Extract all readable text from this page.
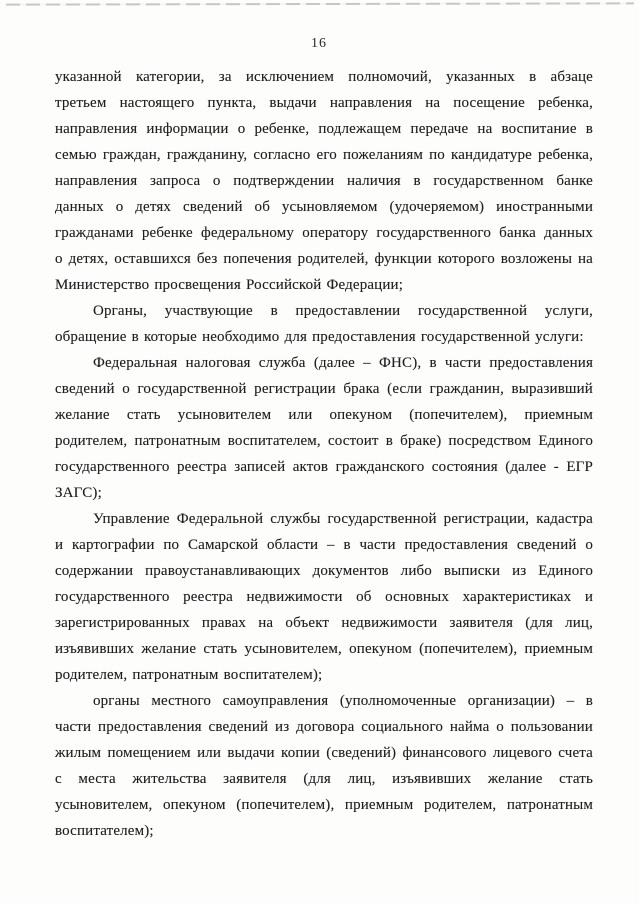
16
указанной категории, за исключением полномочий, указанных в абзаце
третьем настоящего пункта, выдачи направления на посещение ребенка,
направления информации о ребенке, подлежащем передаче на воспитание в
семью граждан, гражданину, согласно его пожеланиям по кандидатуре ребенка,
направления запроса о подтверждении наличия в государственном банке
данных о детях сведений об усыновляемом (удочеряемом) иностранными
гражданами ребенке федеральному оператору государственного банка данных
о детях, оставшихся без попечения родителей, функции которого возложены на
Министерство просвещения Российской Федерации;
Органы, участвующие в предоставлении государственной услуги,
обращение в которые необходимо для предоставления государственной услуги:
Федеральная налоговая служба (далее – ФНС), в части предоставления
сведений о государственной регистрации брака (если гражданин, выразивший
желание стать усыновителем или опекуном (попечителем), приемным
родителем, патронатным воспитателем, состоит в браке) посредством Единого
государственного реестра записей актов гражданского состояния (далее - ЕГР
ЗАГС);
Управление Федеральной службы государственной регистрации, кадастра
и картографии по Самарской области – в части предоставления сведений о
содержании правоустанавливающих документов либо выписки из Единого
государственного реестра недвижимости об основных характеристиках и
зарегистрированных правах на объект недвижимости заявителя (для лиц,
изъявивших желание стать усыновителем, опекуном (попечителем), приемным
родителем, патронатным воспитателем);
органы местного самоуправления (уполномоченные организации) – в
части предоставления сведений из договора социального найма о пользовании
жилым помещением или выдачи копии (сведений) финансового лицевого счета
с места жительства заявителя (для лиц, изъявивших желание стать
усыновителем, опекуном (попечителем), приемным родителем, патронатным
воспитателем);
